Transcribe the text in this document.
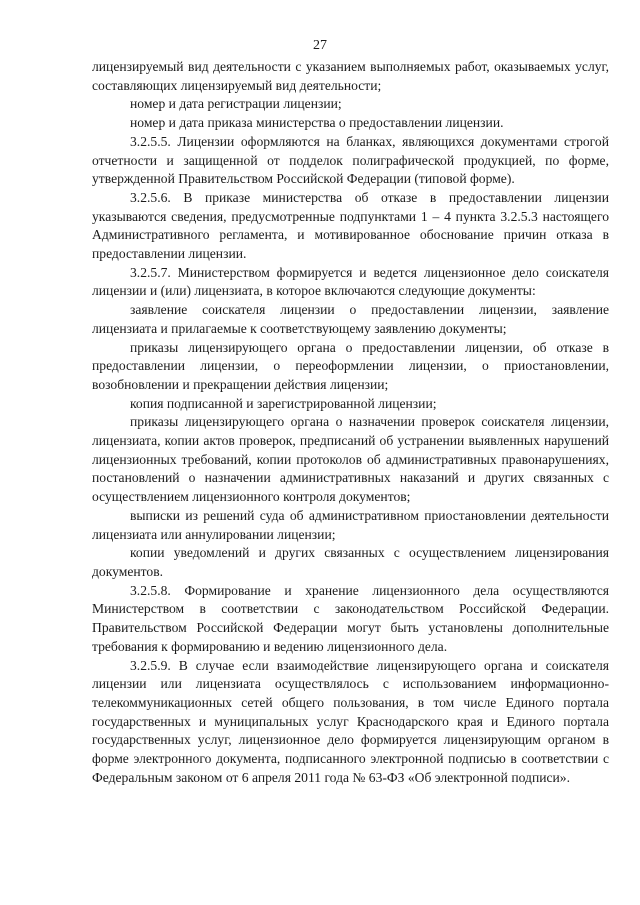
27

лицензируемый вид деятельности с указанием выполняемых работ, оказываемых услуг, составляющих лицензируемый вид деятельности;

номер и дата регистрации лицензии;

номер и дата приказа министерства о предоставлении лицензии.

3.2.5.5. Лицензии оформляются на бланках, являющихся документами строгой отчетности и защищенной от подделок полиграфической продукцией, по форме, утвержденной Правительством Российской Федерации (типовой форме).

3.2.5.6. В приказе министерства об отказе в предоставлении лицензии указываются сведения, предусмотренные подпунктами 1 – 4 пункта 3.2.5.3 настоящего Административного регламента, и мотивированное обоснование причин отказа в предоставлении лицензии.

3.2.5.7. Министерством формируется и ведется лицензионное дело соискателя лицензии и (или) лицензиата, в которое включаются следующие документы:

заявление соискателя лицензии о предоставлении лицензии, заявление лицензиата и прилагаемые к соответствующему заявлению документы;

приказы лицензирующего органа о предоставлении лицензии, об отказе в предоставлении лицензии, о переоформлении лицензии, о приостановлении, возобновлении и прекращении действия лицензии;

копия подписанной и зарегистрированной лицензии;

приказы лицензирующего органа о назначении проверок соискателя лицензии, лицензиата, копии актов проверок, предписаний об устранении выявленных нарушений лицензионных требований, копии протоколов об административных правонарушениях, постановлений о назначении административных наказаний и других связанных с осуществлением лицензионного контроля документов;

выписки из решений суда об административном приостановлении деятельности лицензиата или аннулировании лицензии;

копии уведомлений и других связанных с осуществлением лицензирования документов.

3.2.5.8. Формирование и хранение лицензионного дела осуществляются Министерством в соответствии с законодательством Российской Федерации. Правительством Российской Федерации могут быть установлены дополнительные требования к формированию и ведению лицензионного дела.

3.2.5.9. В случае если взаимодействие лицензирующего органа и соискателя лицензии или лицензиата осуществлялось с использованием информационно-телекоммуникационных сетей общего пользования, в том числе Единого портала государственных и муниципальных услуг Краснодарского края и Единого портала государственных услуг, лицензионное дело формируется лицензирующим органом в форме электронного документа, подписанного электронной подписью в соответствии с Федеральным законом от 6 апреля 2011 года № 63-ФЗ «Об электронной подписи».
